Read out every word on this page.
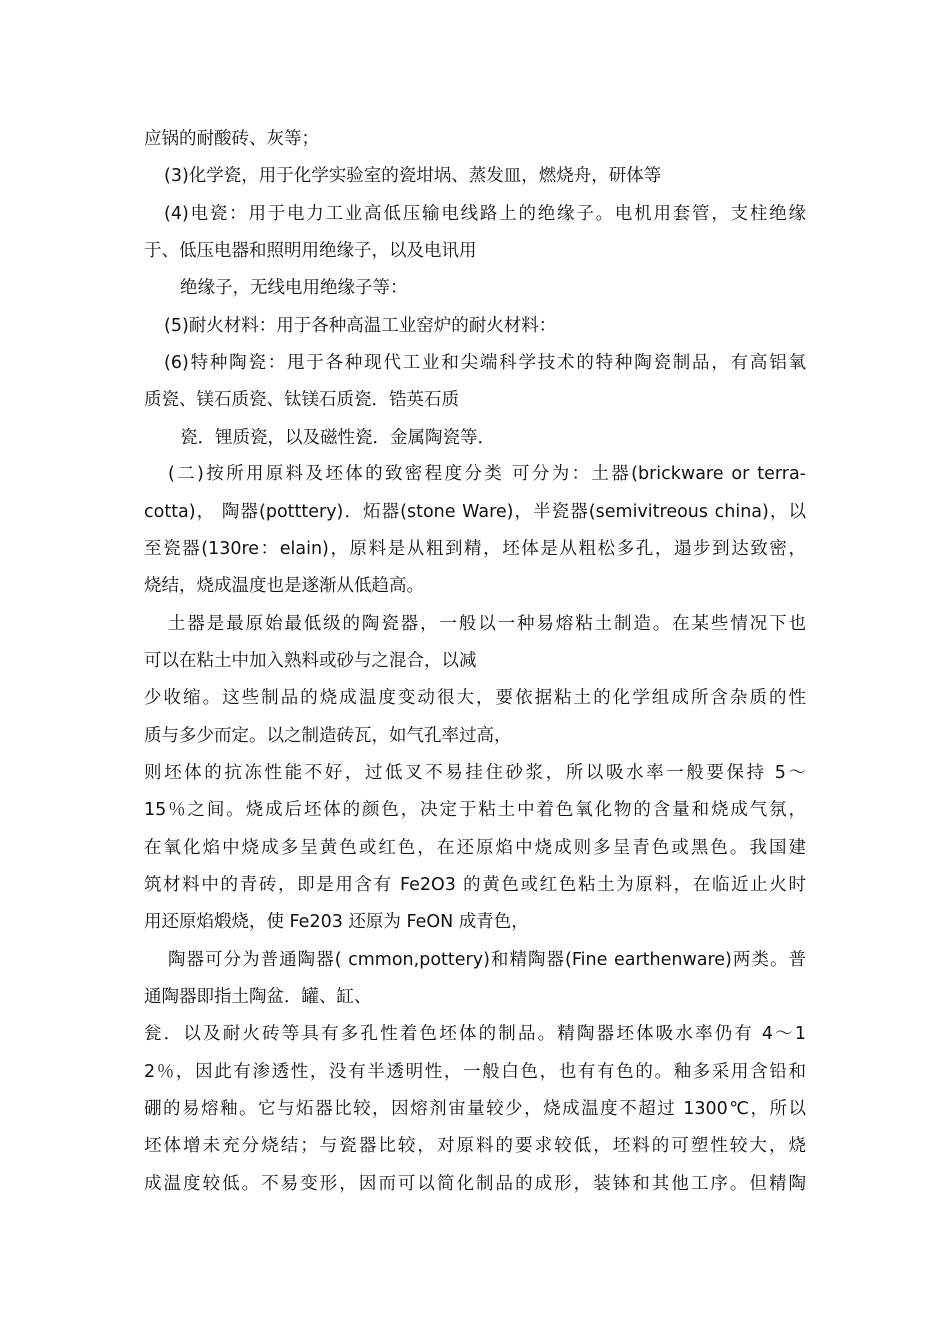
应锅的耐酸砖、灰等；
(3)化学瓷，用于化学实验室的瓷坩埚、蒸发皿，燃烧舟，研体等
(4)电瓷：用于电力工业高低压输电线路上的绝缘子。电机用套管，支柱绝缘
于、低压电器和照明用绝缘子，以及电讯用
绝缘子，无线电用绝缘子等：
(5)耐火材料：用于各种高温工业窑炉的耐火材料：
(6)特种陶瓷：甩于各种现代工业和尖端科学技术的特种陶瓷制品，有高铝氧
质瓷、镁石质瓷、钛镁石质瓷．锆英石质
瓷．锂质瓷，以及磁性瓷．金属陶瓷等．
(二)按所用原料及坯体的致密程度分类 可分为：土器(brickware or terra-
cotta)， 陶器(potttery)．炻器(stone Ware)，半瓷器(semivitreous china)，以
至瓷器(130re：elain)，原料是从粗到精，坯体是从粗松多孔，遢步到达致密，
烧结，烧成温度也是遂渐从低趋高。
土器是最原始最低级的陶瓷器，一般以一种易熔粘土制造。在某些情况下也
可以在粘土中加入熟料或砂与之混合，以减
少收缩。这些制品的烧成温度变动很大，要依据粘土的化学组成所含杂质的性
质与多少而定。以之制造砖瓦，如气孔率过高，
则坯体的抗冻性能不好，过低叉不易挂住砂浆，所以吸水率一般要保持 5～
15％之间。烧成后坯体的颜色，决定于粘土中着色氧化物的含量和烧成气氛，
在氧化焰中烧成多呈黄色或红色，在还原焰中烧成则多呈青色或黑色。我国建
筑材料中的青砖，即是用含有 Fe2O3 的黄色或红色粘土为原料，在临近止火时
用还原焰煅烧，使 Fe203 还原为 FeON 成青色，
陶器可分为普通陶器( cmmon,pottery)和精陶器(Fine earthenware)两类。普
通陶器即指土陶盆．罐、缸、
瓮．以及耐火砖等具有多孔性着色坯体的制品。精陶器坯体吸水率仍有 4～1
2％，因此有渗透性，没有半透明性，一般白色，也有有色的。釉多采用含铅和
硼的易熔釉。它与炻器比较，因熔剂宙量较少，烧成温度不超过 1300℃，所以
坯体增未充分烧结；与瓷器比较，对原料的要求较低，坯料的可塑性较大，烧
成温度较低。不易变形，因而可以简化制品的成形，装钵和其他工序。但精陶
